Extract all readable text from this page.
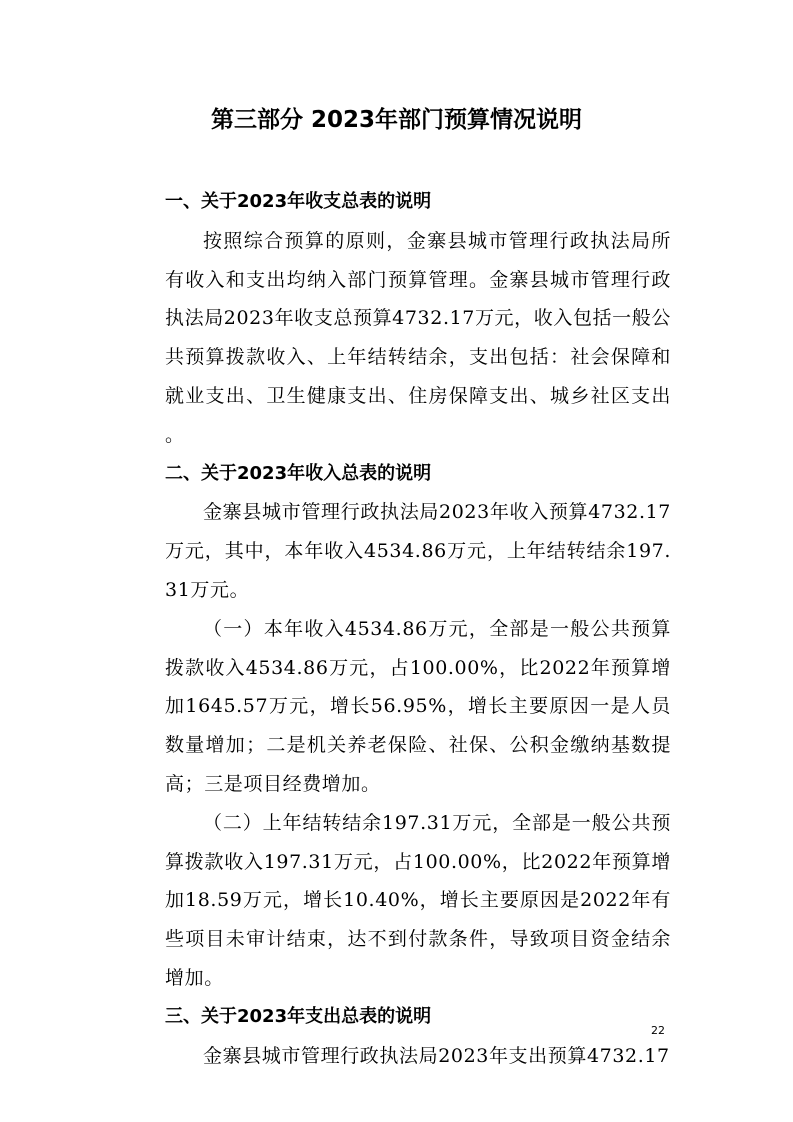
第三部分 2023年部门预算情况说明

一、关于2023年收支总表的说明

按照综合预算的原则，金寨县城市管理行政执法局所有收入和支出均纳入部门预算管理。金寨县城市管理行政执法局2023年收支总预算4732.17万元，收入包括一般公共预算拨款收入、上年结转结余，支出包括：社会保障和就业支出、卫生健康支出、住房保障支出、城乡社区支出。

二、关于2023年收入总表的说明

金寨县城市管理行政执法局2023年收入预算4732.17万元，其中，本年收入4534.86万元，上年结转结余197.31万元。

（一）本年收入4534.86万元，全部是一般公共预算拨款收入4534.86万元，占100.00%，比2022年预算增加1645.57万元，增长56.95%，增长主要原因一是人员数量增加；二是机关养老保险、社保、公积金缴纳基数提高；三是项目经费增加。

（二）上年结转结余197.31万元，全部是一般公共预算拨款收入197.31万元，占100.00%，比2022年预算增加18.59万元，增长10.40%，增长主要原因是2022年有些项目未审计结束，达不到付款条件，导致项目资金结余增加。

三、关于2023年支出总表的说明

金寨县城市管理行政执法局2023年支出预算4732.17

22
